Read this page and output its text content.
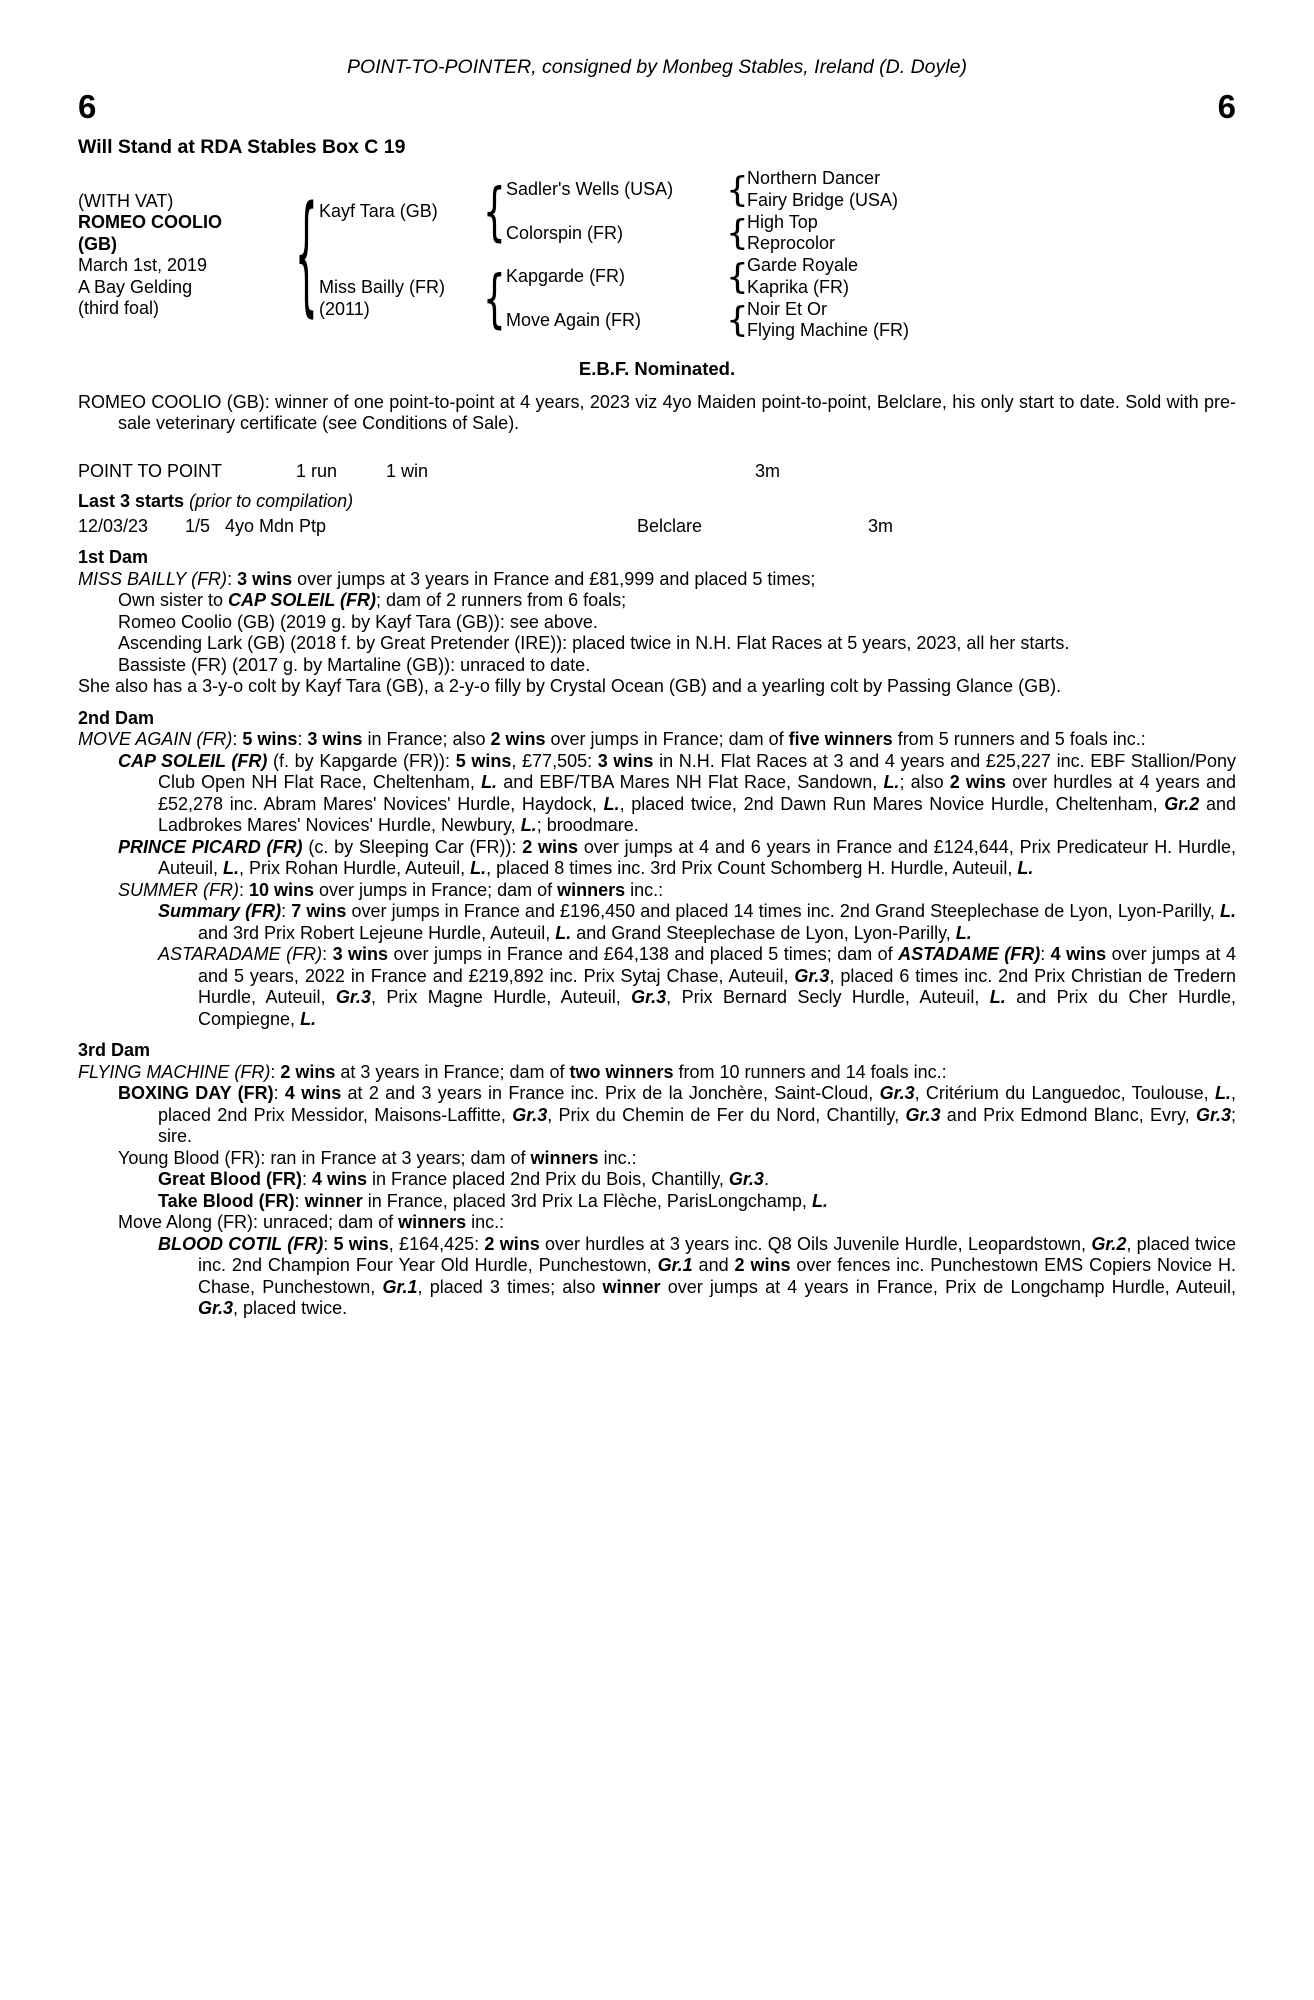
POINT-TO-POINTER, consigned by Monbeg Stables, Ireland (D. Doyle)
6	6
Will Stand at RDA Stables Box C 19
(WITH VAT)
ROMEO COOLIO
(GB)
March 1st, 2019
A Bay Gelding
(third foal)	{ Kayf Tara (GB)	{ Sadler's Wells (USA)	{
Northern Dancer
Fairy Bridge (USA)
Colorspin (FR)	{
High Top
Reprocolor
Miss Bailly (FR)
(2011)	{ Kapgarde (FR)	{
Garde Royale
Kaprika (FR)
Move Again (FR)	{
Noir Et Or
Flying Machine (FR)
E.B.F. Nominated.
ROMEO COOLIO (GB): winner of one point-to-point at 4 years, 2023 viz 4yo Maiden point-to-point, Belclare, his only start to date. Sold with pre-sale veterinary certificate (see Conditions of Sale).
POINT TO POINT	1 run	1 win	3m
Last 3 starts (prior to compilation)
12/03/23	1/5 4yo Mdn Ptp	Belclare	3m
1st Dam
MISS BAILLY (FR): 3 wins over jumps at 3 years in France and £81,999 and placed 5 times;
Own sister to CAP SOLEIL (FR); dam of 2 runners from 6 foals;
Romeo Coolio (GB) (2019 g. by Kayf Tara (GB)): see above.
Ascending Lark (GB) (2018 f. by Great Pretender (IRE)): placed twice in N.H. Flat Races at 5 years, 2023, all her starts.
Bassiste (FR) (2017 g. by Martaline (GB)): unraced to date.
She also has a 3-y-o colt by Kayf Tara (GB), a 2-y-o filly by Crystal Ocean (GB) and a yearling colt by Passing Glance (GB).
2nd Dam
MOVE AGAIN (FR): 5 wins: 3 wins in France; also 2 wins over jumps in France; dam of five winners from 5 runners and 5 foals inc.:
CAP SOLEIL (FR) (f. by Kapgarde (FR)): 5 wins, £77,505: 3 wins in N.H. Flat Races at 3 and 4 years and £25,227 inc. EBF Stallion/Pony Club Open NH Flat Race, Cheltenham, L. and EBF/TBA Mares NH Flat Race, Sandown, L.; also 2 wins over hurdles at 4 years and £52,278 inc. Abram Mares' Novices' Hurdle, Haydock, L., placed twice, 2nd Dawn Run Mares Novice Hurdle, Cheltenham, Gr.2 and Ladbrokes Mares' Novices' Hurdle, Newbury, L.; broodmare.
PRINCE PICARD (FR) (c. by Sleeping Car (FR)): 2 wins over jumps at 4 and 6 years in France and £124,644, Prix Predicateur H. Hurdle, Auteuil, L., Prix Rohan Hurdle, Auteuil, L., placed 8 times inc. 3rd Prix Count Schomberg H. Hurdle, Auteuil, L.
SUMMER (FR): 10 wins over jumps in France; dam of winners inc.:
Summary (FR): 7 wins over jumps in France and £196,450 and placed 14 times inc. 2nd Grand Steeplechase de Lyon, Lyon-Parilly, L. and 3rd Prix Robert Lejeune Hurdle, Auteuil, L. and Grand Steeplechase de Lyon, Lyon-Parilly, L.
ASTARADAME (FR): 3 wins over jumps in France and £64,138 and placed 5 times; dam of ASTADAME (FR): 4 wins over jumps at 4 and 5 years, 2022 in France and £219,892 inc. Prix Sytaj Chase, Auteuil, Gr.3, placed 6 times inc. 2nd Prix Christian de Tredern Hurdle, Auteuil, Gr.3, Prix Magne Hurdle, Auteuil, Gr.3, Prix Bernard Secly Hurdle, Auteuil, L. and Prix du Cher Hurdle, Compiegne, L.
3rd Dam
FLYING MACHINE (FR): 2 wins at 3 years in France; dam of two winners from 10 runners and 14 foals inc.:
BOXING DAY (FR): 4 wins at 2 and 3 years in France inc. Prix de la Jonchère, Saint-Cloud, Gr.3, Critérium du Languedoc, Toulouse, L., placed 2nd Prix Messidor, Maisons-Laffitte, Gr.3, Prix du Chemin de Fer du Nord, Chantilly, Gr.3 and Prix Edmond Blanc, Evry, Gr.3; sire.
Young Blood (FR): ran in France at 3 years; dam of winners inc.:
Great Blood (FR): 4 wins in France placed 2nd Prix du Bois, Chantilly, Gr.3.
Take Blood (FR): winner in France, placed 3rd Prix La Flèche, ParisLongchamp, L.
Move Along (FR): unraced; dam of winners inc.:
BLOOD COTIL (FR): 5 wins, £164,425: 2 wins over hurdles at 3 years inc. Q8 Oils Juvenile Hurdle, Leopardstown, Gr.2, placed twice inc. 2nd Champion Four Year Old Hurdle, Punchestown, Gr.1 and 2 wins over fences inc. Punchestown EMS Copiers Novice H. Chase, Punchestown, Gr.1, placed 3 times; also winner over jumps at 4 years in France, Prix de Longchamp Hurdle, Auteuil, Gr.3, placed twice.
